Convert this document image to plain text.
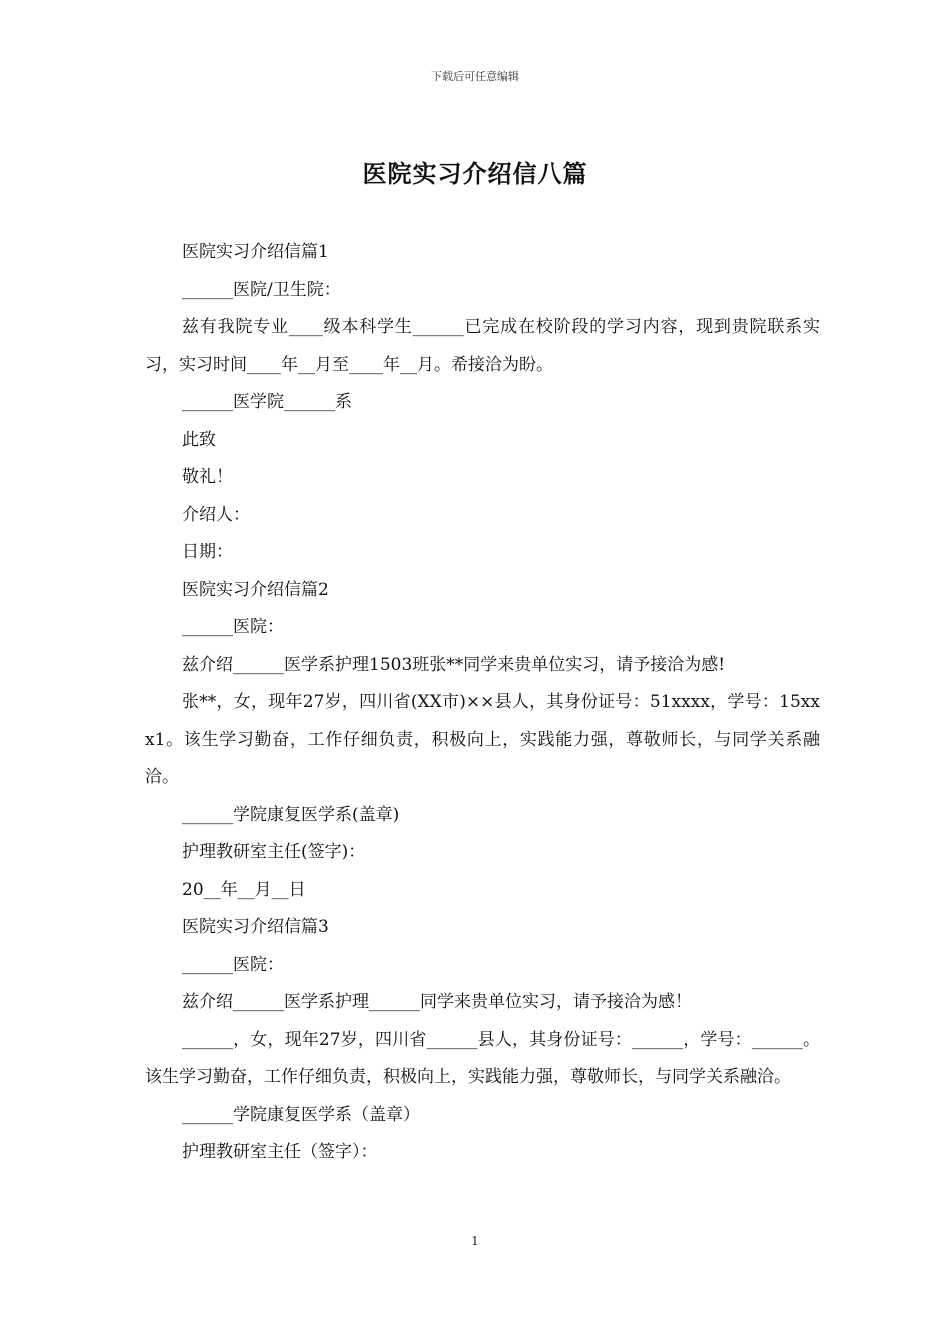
下载后可任意编辑
医院实习介绍信八篇

医院实习介绍信篇1

______医院/卫生院：

兹有我院专业____级本科学生______已完成在校阶段的学习内容，现到贵院联系实习，实习时间____年__月至____年__月。希接洽为盼。

______医学院______系

此致

敬礼！

介绍人：

日期：

医院实习介绍信篇2

______医院：

兹介绍______医学系护理1503班张**同学来贵单位实习，请予接洽为感!

张**，女，现年27岁，四川省(XX市)××县人，其身份证号：51xxxx，学号：15xxx1。该生学习勤奋，工作仔细负责，积极向上，实践能力强，尊敬师长，与同学关系融洽。

______学院康复医学系(盖章)

护理教研室主任(签字)：

20__年__月__日

医院实习介绍信篇3

______医院：

兹介绍______医学系护理______同学来贵单位实习，请予接洽为感！

______，女，现年27岁，四川省______县人，其身份证号：______，学号：______。该生学习勤奋，工作仔细负责，积极向上，实践能力强，尊敬师长，与同学关系融洽。

______学院康复医学系（盖章）

护理教研室主任（签字）：

1
